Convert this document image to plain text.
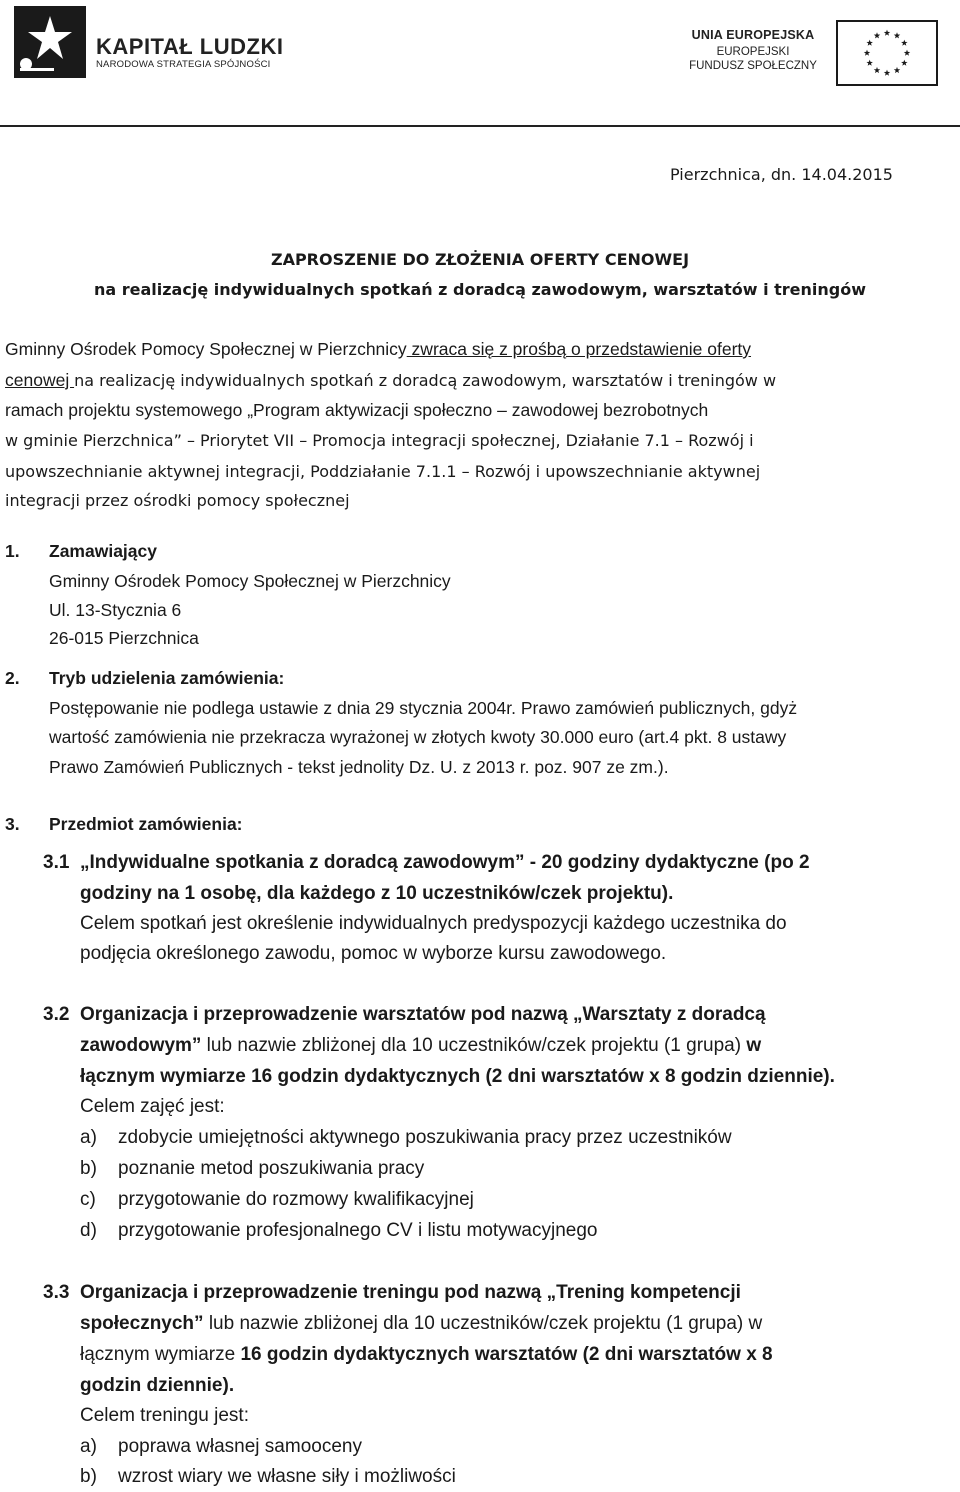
KAPITAŁ LUDZKI
NARODOWA STRATEGIA SPÓJNOŚCI
UNIA EUROPEJSKA
EUROPEJSKI
FUNDUSZ SPOŁECZNY
Pierzchnica, dn. 14.04.2015
ZAPROSZENIE DO ZŁOŻENIA OFERTY CENOWEJ
na realizację indywidualnych spotkań z doradcą zawodowym, warsztatów i treningów
Gminny Ośrodek Pomocy Społecznej w Pierzchnicy zwraca się z prośbą o przedstawienie oferty
cenowej na realizację indywidualnych spotkań z doradcą zawodowym, warsztatów i treningów w
ramach projektu systemowego „Program aktywizacji społeczno – zawodowej bezrobotnych
w gminie Pierzchnica” – Priorytet VII – Promocja integracji społecznej, Działanie 7.1 – Rozwój i
upowszechnianie aktywnej integracji, Poddziałanie 7.1.1 – Rozwój i upowszechnianie aktywnej
integracji przez ośrodki pomocy społecznej
1. Zamawiający
Gminny Ośrodek Pomocy Społecznej w Pierzchnicy
Ul. 13-Stycznia 6
26-015 Pierzchnica
2. Tryb udzielenia zamówienia:
Postępowanie nie podlega ustawie z dnia 29 stycznia 2004r. Prawo zamówień publicznych, gdyż
wartość zamówienia nie przekracza wyrażonej w złotych kwoty 30.000 euro (art.4 pkt. 8 ustawy
Prawo Zamówień Publicznych - tekst jednolity Dz. U. z 2013 r. poz. 907 ze zm.).
3. Przedmiot zamówienia:
3.1 „Indywidualne spotkania z doradcą zawodowym” - 20 godziny dydaktyczne (po 2
godziny na 1 osobę, dla każdego z 10 uczestników/czek projektu).
Celem spotkań jest określenie indywidualnych predyspozycji każdego uczestnika do
podjęcia określonego zawodu, pomoc w wyborze kursu zawodowego.
3.2 Organizacja i przeprowadzenie warsztatów pod nazwą „Warsztaty z doradcą
zawodowym” lub nazwie zbliżonej dla 10 uczestników/czek projektu (1 grupa) w
łącznym wymiarze 16 godzin dydaktycznych (2 dni warsztatów x 8 godzin dziennie).
Celem zajęć jest:
a) zdobycie umiejętności aktywnego poszukiwania pracy przez uczestników
b) poznanie metod poszukiwania pracy
c) przygotowanie do rozmowy kwalifikacyjnej
d) przygotowanie profesjonalnego CV i listu motywacyjnego
3.3 Organizacja i przeprowadzenie treningu pod nazwą „Trening kompetencji
społecznych” lub nazwie zbliżonej dla 10 uczestników/czek projektu (1 grupa) w
łącznym wymiarze 16 godzin dydaktycznych warsztatów (2 dni warsztatów x 8
godzin dziennie).
Celem treningu jest:
a) poprawa własnej samooceny
b) wzrost wiary we własne siły i możliwości
